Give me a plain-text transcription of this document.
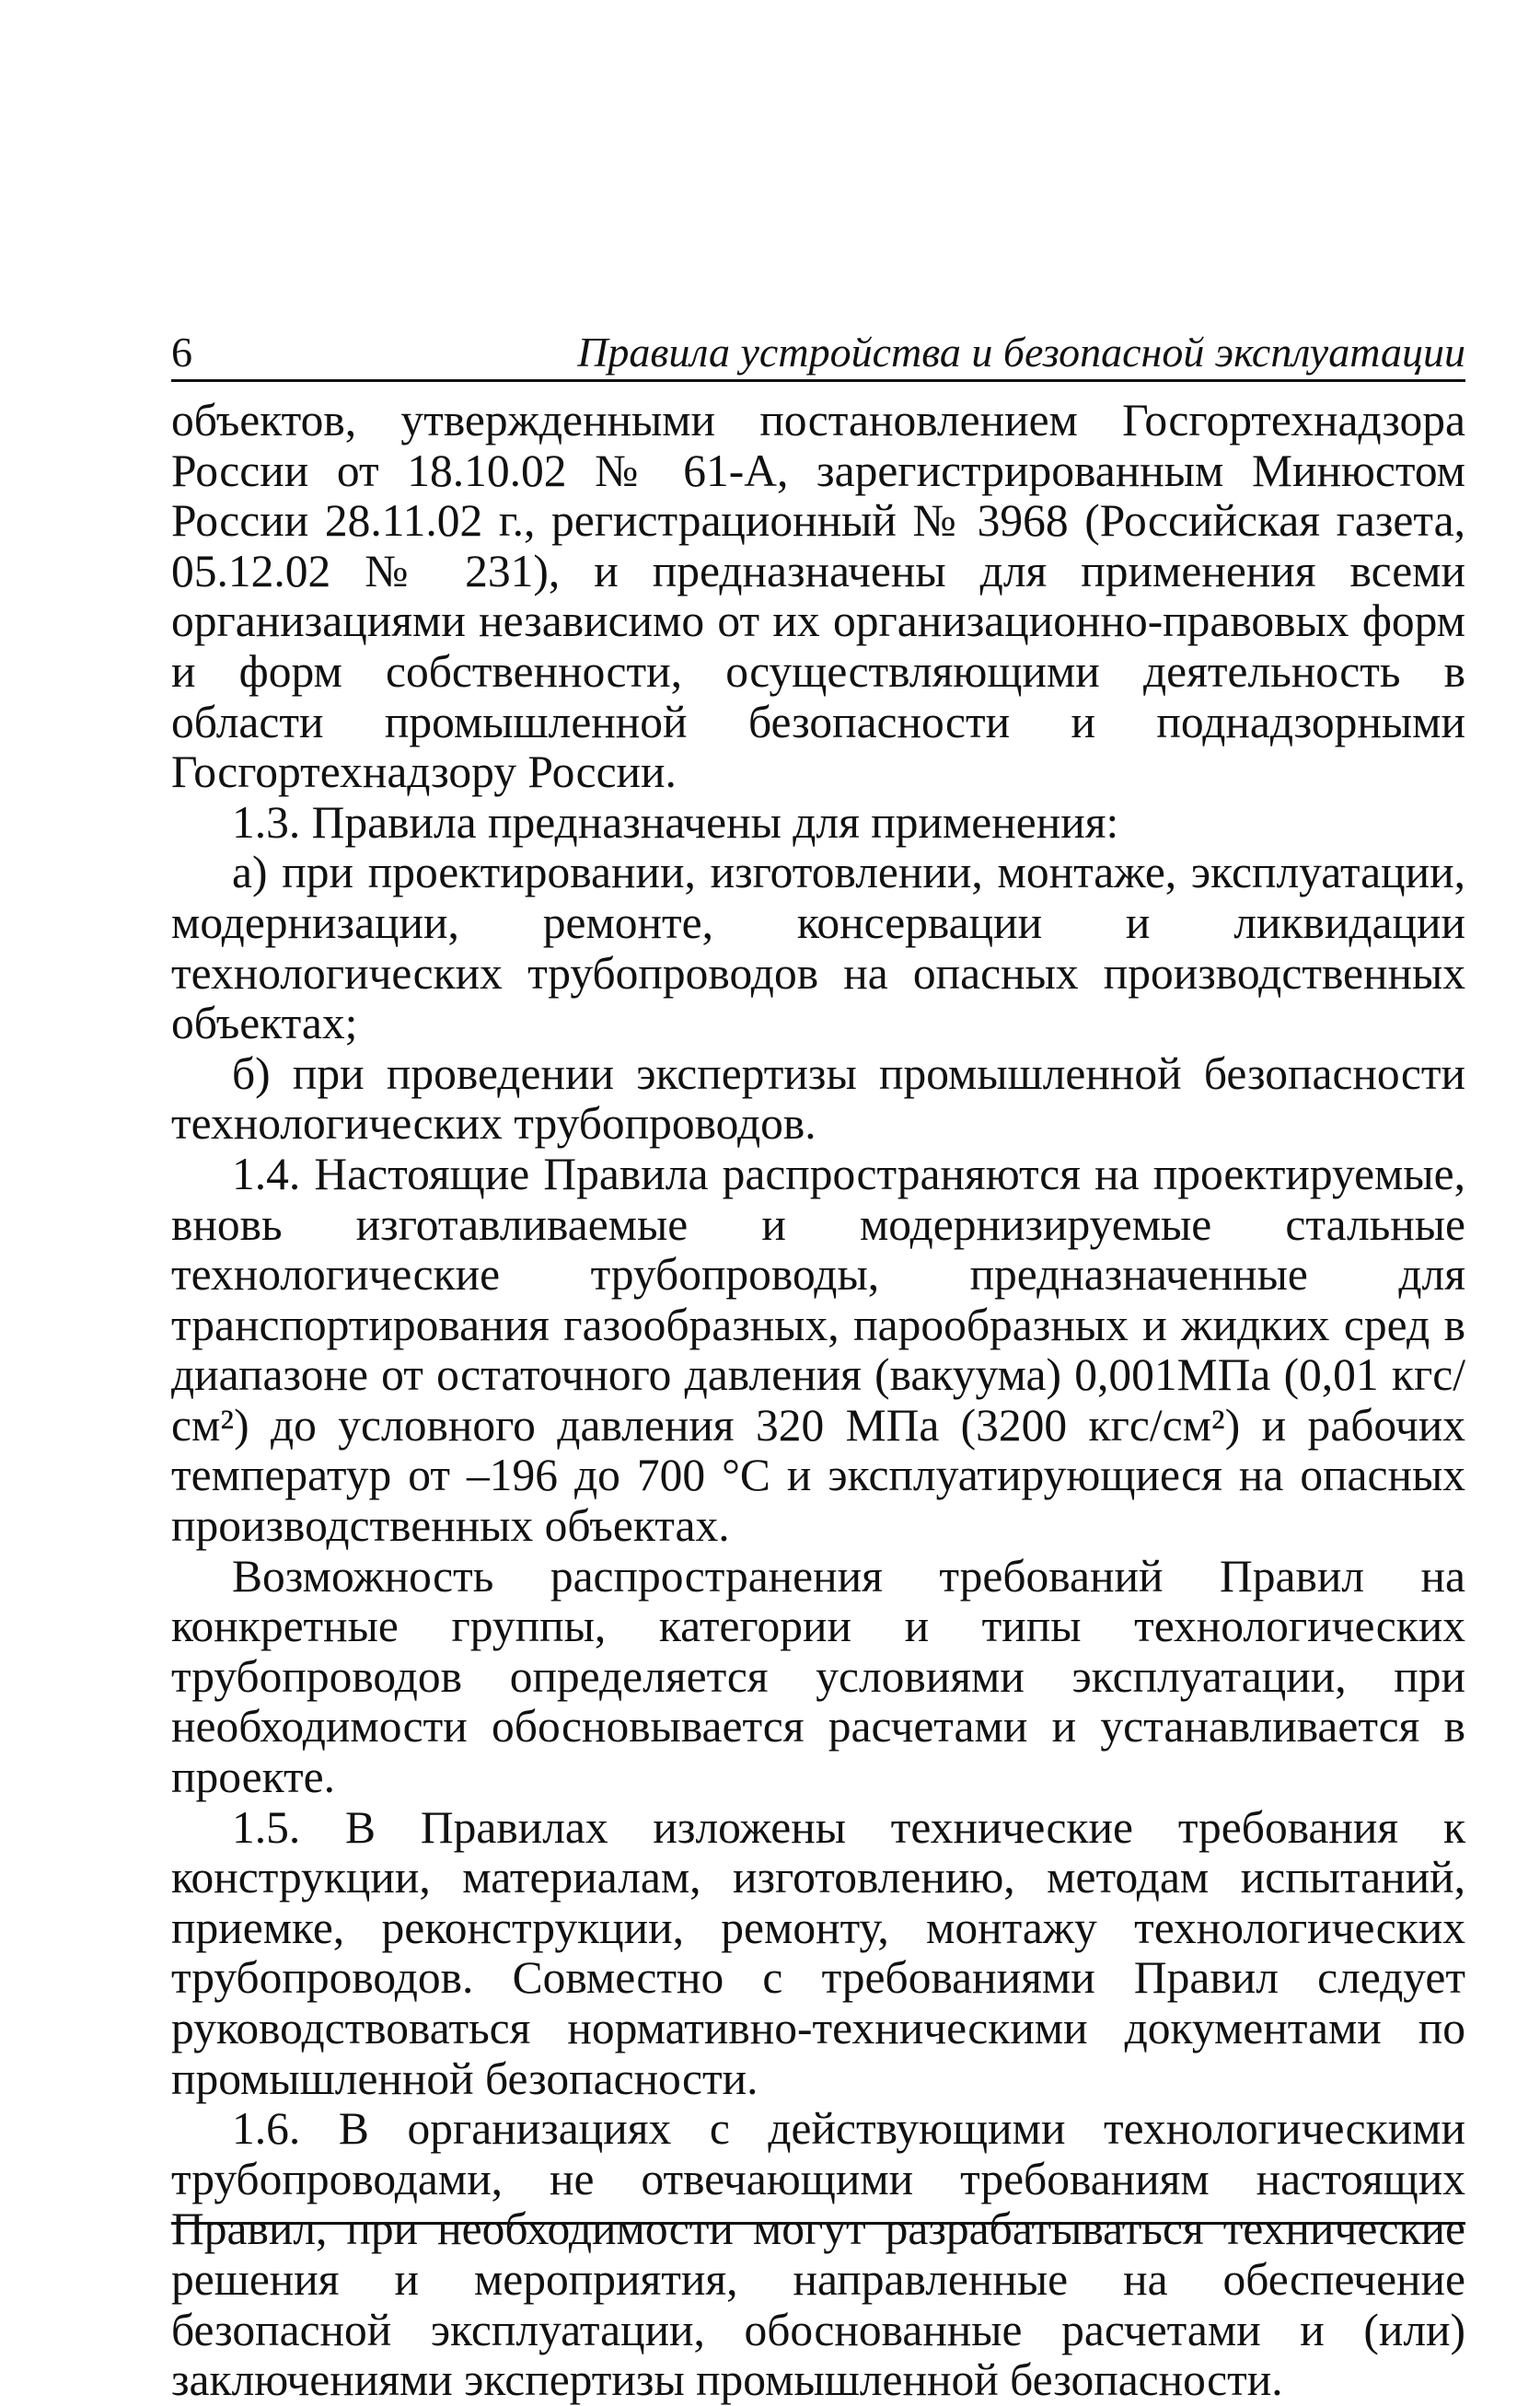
6	Правила устройства и безопасной эксплуатации

объектов, утвержденными постановлением Госгортехнадзора России от 18.10.02 № 61-А, зарегистрированным Минюстом России 28.11.02 г., регистрационный № 3968 (Российская газета, 05.12.02 № 231), и предназначены для применения всеми организациями независимо от их организационно-правовых форм и форм собственности, осуществляющими деятельность в области промышленной безопасности и поднадзорными Госгортехнадзору России.

1.3. Правила предназначены для применения:

а) при проектировании, изготовлении, монтаже, эксплуатации, модернизации, ремонте, консервации и ликвидации технологических трубопроводов на опасных производственных объектах;

б) при проведении экспертизы промышленной безопасности технологических трубопроводов.

1.4. Настоящие Правила распространяются на проектируемые, вновь изготавливаемые и модернизируемые стальные технологические трубопроводы, предназначенные для транспортирования газообразных, парообразных и жидких сред в диапазоне от остаточного давления (вакуума) 0,001МПа (0,01 кгс/см²) до условного давления 320 МПа (3200 кгс/см²) и рабочих температур от –196 до 700 °С и эксплуатирующиеся на опасных производственных объектах.

Возможность распространения требований Правил на конкретные группы, категории и типы технологических трубопроводов определяется условиями эксплуатации, при необходимости обосновывается расчетами и устанавливается в проекте.

1.5. В Правилах изложены технические требования к конструкции, материалам, изготовлению, методам испытаний, приемке, реконструкции, ремонту, монтажу технологических трубопроводов. Совместно с требованиями Правил следует руководствоваться нормативно-техническими документами по промышленной безопасности.

1.6. В организациях с действующими технологическими трубопроводами, не отвечающими требованиям настоящих Правил, при необходимости могут разрабатываться технические решения и мероприятия, направленные на обеспечение безопасной эксплуатации, обоснованные расчетами и (или) заключениями экспертизы промышленной безопасности.
